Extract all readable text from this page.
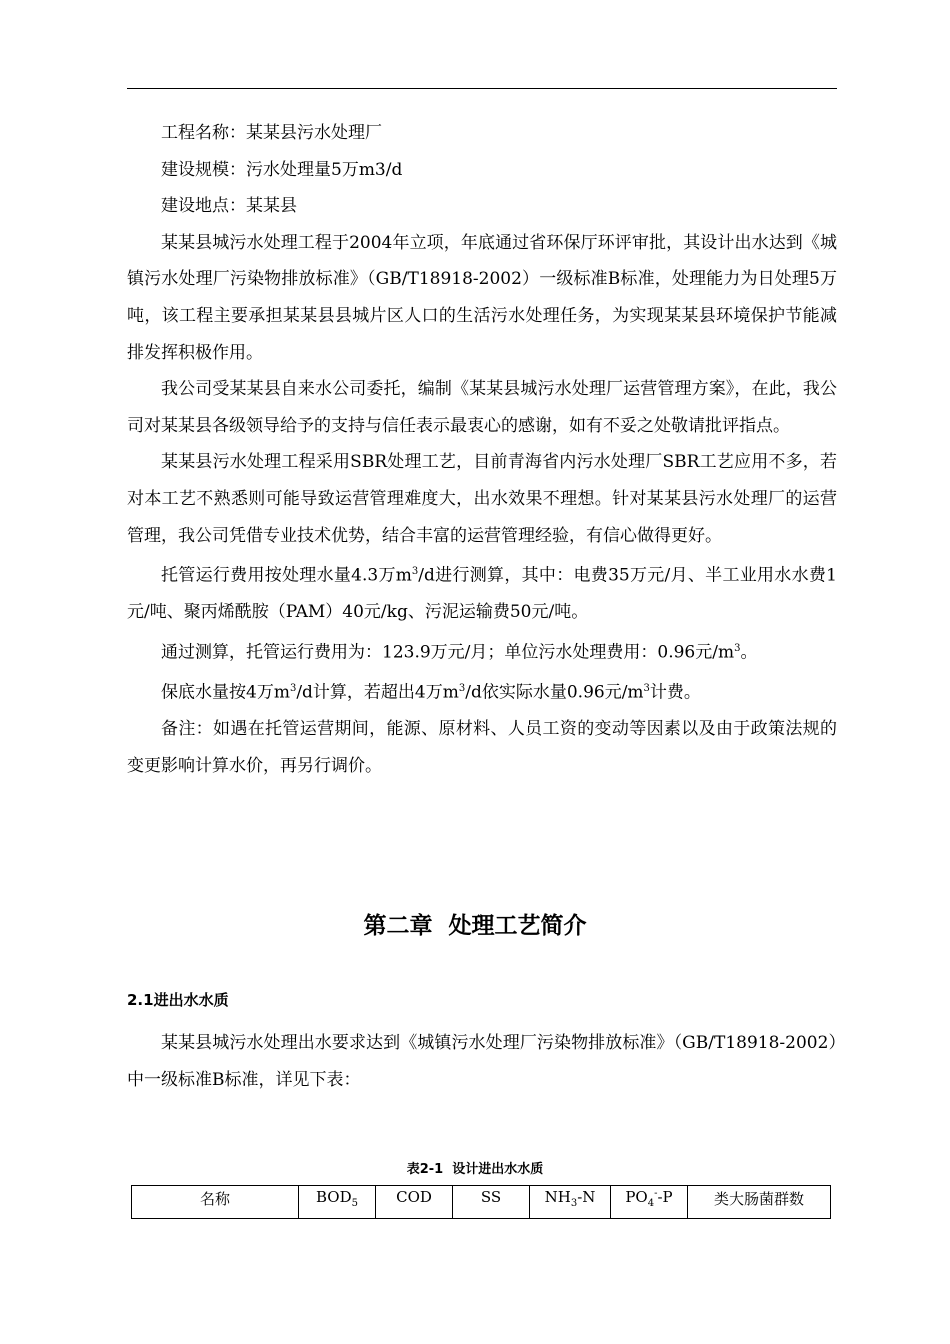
工程名称：某某县污水处理厂

建设规模：污水处理量5万m3/d

建设地点：某某县

某某县城污水处理工程于2004年立项，年底通过省环保厅环评审批，其设计出水达到《城镇污水处理厂污染物排放标准》（GB/T18918-2002）一级标准B标准，处理能力为日处理5万吨，该工程主要承担某某县县城片区人口的生活污水处理任务，为实现某某县环境保护节能减排发挥积极作用。

我公司受某某县自来水公司委托，编制《某某县城污水处理厂运营管理方案》，在此，我公司对某某县各级领导给予的支持与信任表示最衷心的感谢，如有不妥之处敬请批评指点。

某某县污水处理工程采用SBR处理工艺，目前青海省内污水处理厂SBR工艺应用不多，若对本工艺不熟悉则可能导致运营管理难度大，出水效果不理想。针对某某县污水处理厂的运营管理，我公司凭借专业技术优势，结合丰富的运营管理经验，有信心做得更好。

托管运行费用按处理水量4.3万$m^3/d$进行测算，其中：电费35万元/月、半工业用水水费1元/吨、聚丙烯酰胺（PAM）40元/kg、污泥运输费50元/吨。

通过测算，托管运行费用为：123.9万元/月；单位污水处理费用：0.96元$/m^3$。

保底水量按4万$m^3/d$计算，若超出4万$m^3/d$依实际水量0.96元$/m^3$计费。

备注：如遇在托管运营期间，能源、原材料、人员工资的变动等因素以及由于政策法规的变更影响计算水价，再另行调价。

第二章  处理工艺简介
2.1进出水水质

某某县城污水处理出水要求达到《城镇污水处理厂污染物排放标准》（GB/T18918-2002）中一级标准B标准，详见下表：

表2-1  设计进出水水质
名称	$BOD_5$	COD	SS	$NH_3-N$	$PO_4^--P$	类大肠菌群数
